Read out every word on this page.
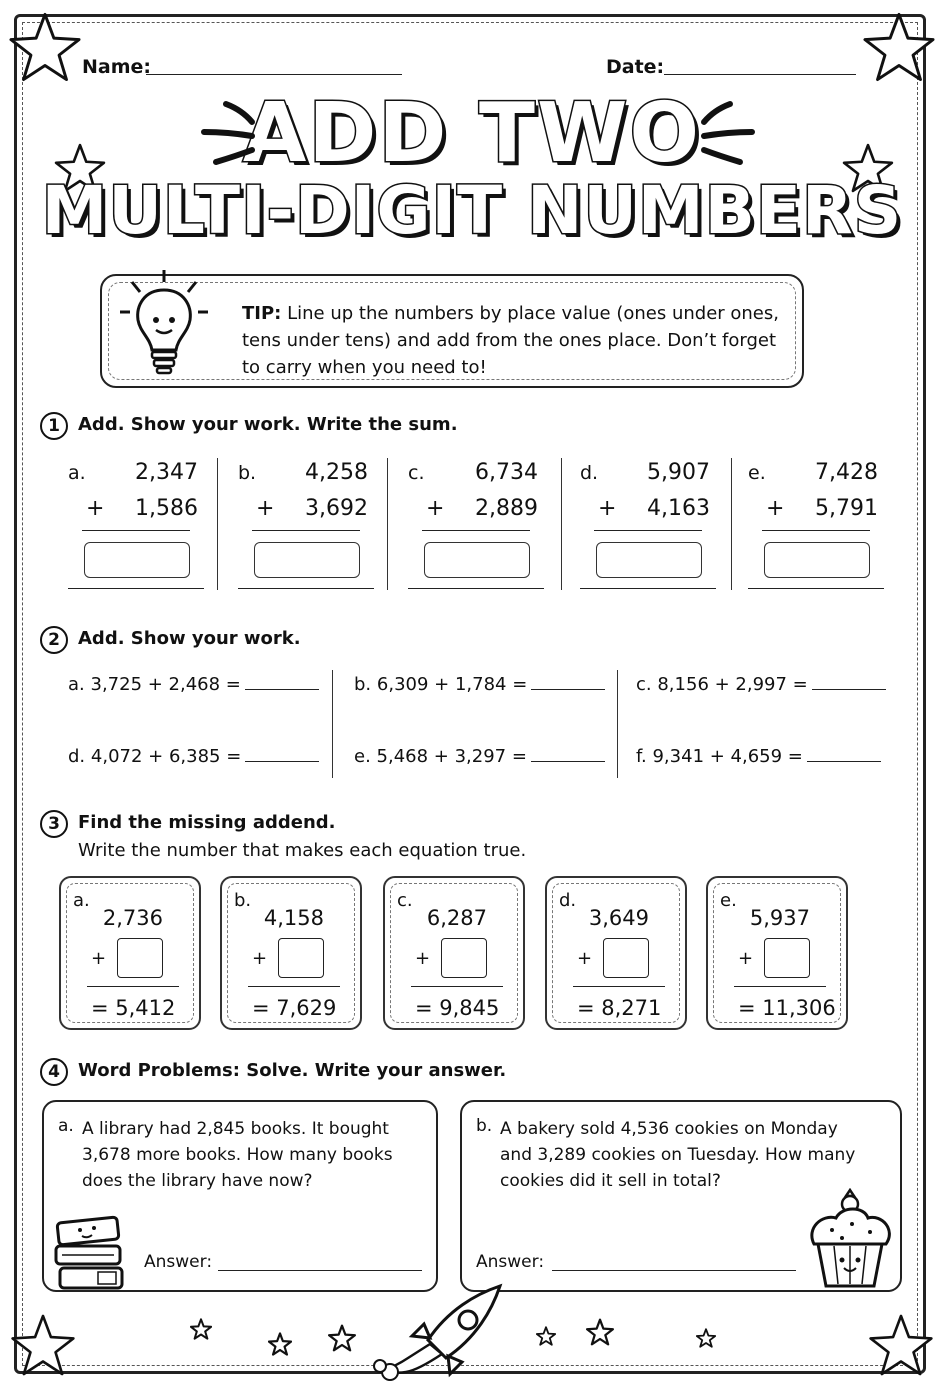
Name:	Date:
ADD TWO
MULTI-DIGIT NUMBERS
TIP: Line up the numbers by place value (ones under ones,
tens under tens) and add from the ones place. Don’t forget
to carry when you need to!
1	Add. Show your work. Write the sum.
a. 2,347
+ 1,586
b. 4,258
+ 3,692
c. 6,734
+ 2,889
d. 5,907
+ 4,163
e. 7,428
+ 5,791
2	Add. Show your work.
a. 3,725 + 2,468 =	b. 6,309 + 1,784 =	c. 8,156 + 2,997 =
d. 4,072 + 6,385 =	e. 5,468 + 3,297 =	f. 9,341 + 4,659 =
3	Find the missing addend.
Write the number that makes each equation true.
a.
2,736
+
= 5,412
b.
4,158
+
= 7,629
c.
6,287
+
= 9,845
d.
3,649
+
= 8,271
e.
5,937
+
= 11,306
4	Word Problems: Solve. Write your answer.
a. A library had 2,845 books. It bought
3,678 more books. How many books
does the library have now?
Answer:
b. A bakery sold 4,536 cookies on Monday
and 3,289 cookies on Tuesday. How many
cookies did it sell in total?
Answer:
